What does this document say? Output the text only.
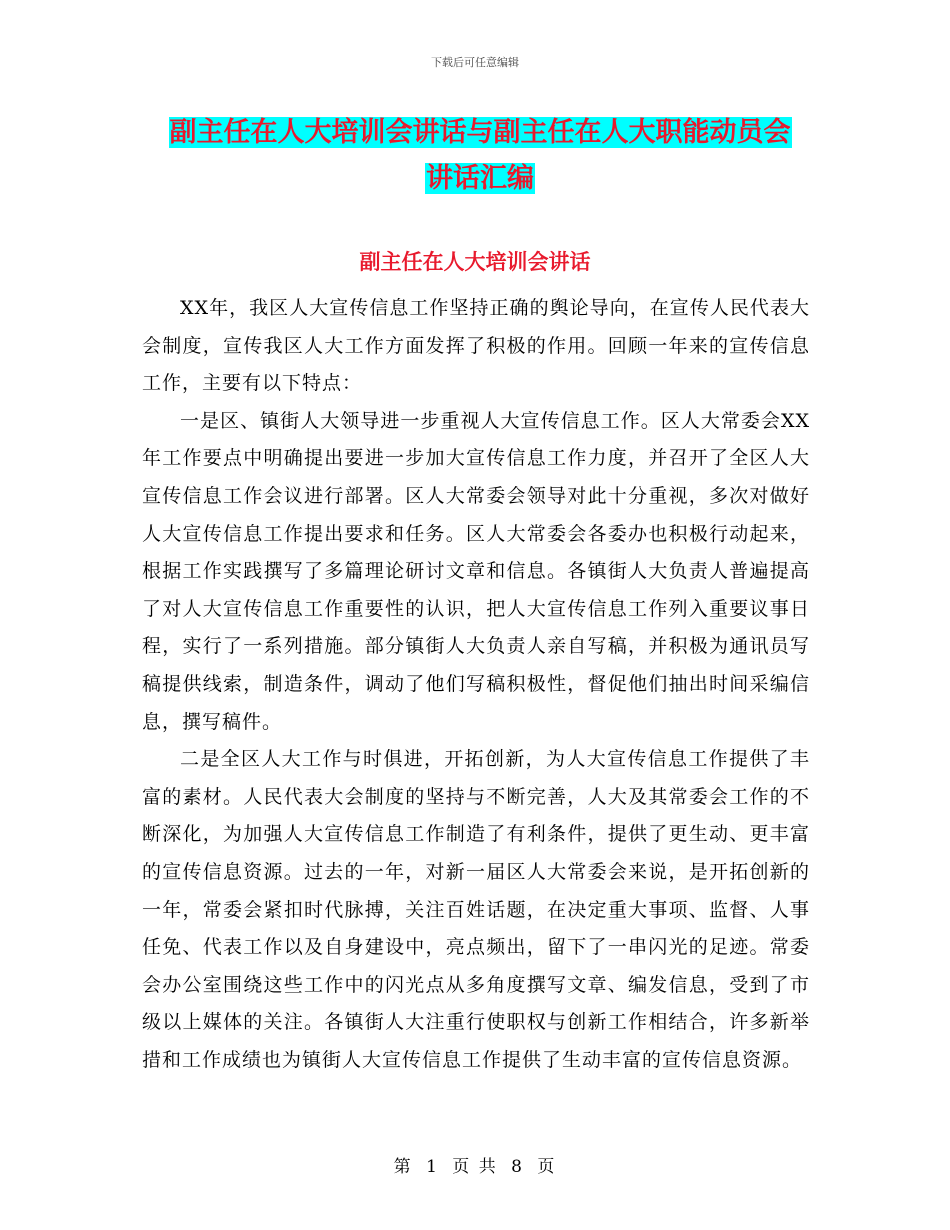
下载后可任意编辑
副主任在人大培训会讲话与副主任在人大职能动员会
讲话汇编
副主任在人大培训会讲话

XX年，我区人大宣传信息工作坚持正确的舆论导向，在宣传人民代表大会制度，宣传我区人大工作方面发挥了积极的作用。回顾一年来的宣传信息工作，主要有以下特点：

一是区、镇街人大领导进一步重视人大宣传信息工作。区人大常委会XX年工作要点中明确提出要进一步加大宣传信息工作力度，并召开了全区人大宣传信息工作会议进行部署。区人大常委会领导对此十分重视，多次对做好人大宣传信息工作提出要求和任务。区人大常委会各委办也积极行动起来，根据工作实践撰写了多篇理论研讨文章和信息。各镇街人大负责人普遍提高了对人大宣传信息工作重要性的认识，把人大宣传信息工作列入重要议事日程，实行了一系列措施。部分镇街人大负责人亲自写稿，并积极为通讯员写稿提供线索，制造条件，调动了他们写稿积极性，督促他们抽出时间采编信息，撰写稿件。

二是全区人大工作与时俱进，开拓创新，为人大宣传信息工作提供了丰富的素材。人民代表大会制度的坚持与不断完善，人大及其常委会工作的不断深化，为加强人大宣传信息工作制造了有利条件，提供了更生动、更丰富的宣传信息资源。过去的一年，对新一届区人大常委会来说，是开拓创新的一年，常委会紧扣时代脉搏，关注百姓话题，在决定重大事项、监督、人事任免、代表工作以及自身建设中，亮点频出，留下了一串闪光的足迹。常委会办公室围绕这些工作中的闪光点从多角度撰写文章、编发信息，受到了市级以上媒体的关注。各镇街人大注重行使职权与创新工作相结合，许多新举措和工作成绩也为镇街人大宣传信息工作提供了生动丰富的宣传信息资源。

第 1 页 共 8 页
